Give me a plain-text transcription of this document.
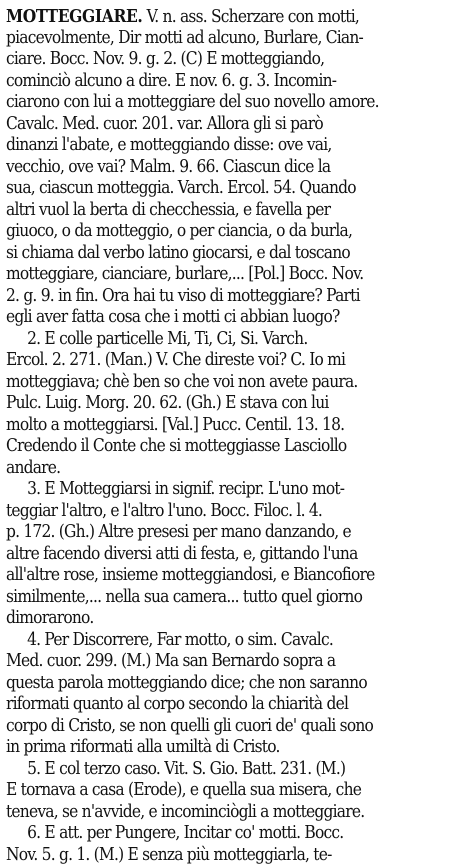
MOTTEGGIARE. V. n. ass. Scherzare con motti,
piacevolmente, Dir motti ad alcuno, Burlare, Cian-
ciare. Bocc. Nov. 9. g. 2. (C) E motteggiando,
cominciò alcuno a dire. E nov. 6. g. 3. Incomin-
ciarono con lui a motteggiare del suo novello amore.
Cavalc. Med. cuor. 201. var. Allora gli si parò
dinanzi l'abate, e motteggiando disse: ove vai,
vecchio, ove vai? Malm. 9. 66. Ciascun dice la
sua, ciascun motteggia. Varch. Ercol. 54. Quando
altri vuol la berta di checchessia, e favella per
giuoco, o da motteggio, o per ciancia, o da burla,
si chiama dal verbo latino giocarsi, e dal toscano
motteggiare, cianciare, burlare,... [Pol.] Bocc. Nov.
2. g. 9. in fin. Ora hai tu viso di motteggiare? Parti
egli aver fatta cosa che i motti ci abbian luogo?
2. E colle particelle Mi, Ti, Ci, Si. Varch.
Ercol. 2. 271. (Man.) V. Che direste voi? C. Io mi
motteggiava; chè ben so che voi non avete paura.
Pulc. Luig. Morg. 20. 62. (Gh.) E stava con lui
molto a motteggiarsi. [Val.] Pucc. Centil. 13. 18.
Credendo il Conte che si motteggiasse Lasciollo
andare.
3. E Motteggiarsi in signif. recipr. L'uno mot-
teggiar l'altro, e l'altro l'uno. Bocc. Filoc. l. 4.
p. 172. (Gh.) Altre presesi per mano danzando, e
altre facendo diversi atti di festa, e, gittando l'una
all'altre rose, insieme motteggiandosi, e Biancofiore
similmente,... nella sua camera... tutto quel giorno
dimorarono.
4. Per Discorrere, Far motto, o sim. Cavalc.
Med. cuor. 299. (M.) Ma san Bernardo sopra a
questa parola motteggiando dice; che non saranno
riformati quanto al corpo secondo la chiarità del
corpo di Cristo, se non quelli gli cuori de' quali sono
in prima riformati alla umiltà di Cristo.
5. E col terzo caso. Vit. S. Gio. Batt. 231. (M.)
E tornava a casa (Erode), e quella sua misera, che
teneva, se n'avvide, e incominciògli a motteggiare.
6. E att. per Pungere, Incitar co' motti. Bocc.
Nov. 5. g. 1. (M.) E senza più motteggiarla, te-
